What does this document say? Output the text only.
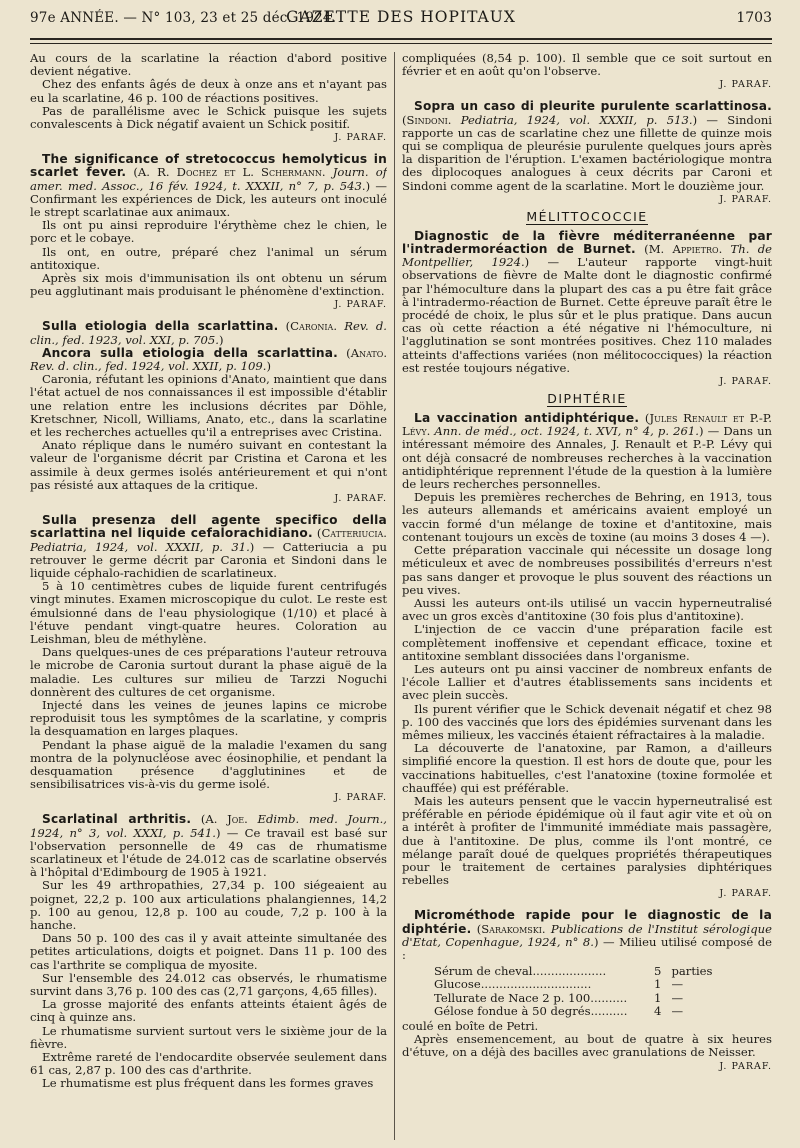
97e ANNÉE. — N° 103, 23 et 25 déc. 1924.
GAZETTE DES HOPITAUX	1703

Au cours de la scarlatine la réaction d'abord positive devient négative.

Chez des enfants âgés de deux à onze ans et n'ayant pas eu la scarlatine, 46 p. 100 de réactions positives.

Pas de parallélisme avec le Schick puisque les sujets convalescents à Dick négatif avaient un Schick positif.

J. PARAF.

The significance of stretococcus hemolyticus in scarlet fever. (A. R. Dochez et L. Schermann. Journ. of amer. med. Assoc., 16 fév. 1924, t. XXXII, n° 7, p. 543.) — Confirmant les expériences de Dick, les auteurs ont inoculé le strept scarlatinae aux animaux.

Ils ont pu ainsi reproduire l'érythème chez le chien, le porc et le cobaye.

Ils ont, en outre, préparé chez l'animal un sérum antitoxique.

Après six mois d'immunisation ils ont obtenu un sérum peu agglutinant mais produisant le phénomène d'extinction.

J. PARAF.

Sulla etiologia della scarlattina. (Caronia. Rev. d. clin., fed. 1923, vol. XXI, p. 705.)

Ancora sulla etiologia della scarlattina. (Anato. Rev. d. clin., fed. 1924, vol. XXII, p. 109.)

Caronia, réfutant les opinions d'Anato, maintient que dans l'état actuel de nos connaissances il est impossible d'établir une relation entre les inclusions décrites par Döhle, Kretschner, Nicoll, Williams, Anato, etc., dans la scarlatine et les recherches actuelles qu'il a entreprises avec Cristina.

Anato réplique dans le numéro suivant en contestant la valeur de l'organisme décrit par Cristina et Carona et les assimile à deux germes isolés antérieurement et qui n'ont pas résisté aux attaques de la critique.

J. PARAF.

Sulla presenza dell agente specifico della scarlattina nel liquide cefalorachidiano. (Catteriucia. Pediatria, 1924, vol. XXXII, p. 31.) — Catteriucia a pu retrouver le germe décrit par Caronia et Sindoni dans le liquide céphalo-rachidien de scarlatineux.

5 à 10 centimètres cubes de liquide furent centrifugés vingt minutes. Examen microscopique du culot. Le reste est émulsionné dans de l'eau physiologique (1/10) et placé à l'étuve pendant vingt-quatre heures. Coloration au Leishman, bleu de méthylène.

Dans quelques-unes de ces préparations l'auteur retrouva le microbe de Caronia surtout durant la phase aiguë de la maladie. Les cultures sur milieu de Tarzzi Noguchi donnèrent des cultures de cet organisme.

Injecté dans les veines de jeunes lapins ce microbe reproduisit tous les symptômes de la scarlatine, y compris la desquamation en larges plaques.

Pendant la phase aiguë de la maladie l'examen du sang montra de la polynucléose avec éosinophilie, et pendant la desquamation présence d'agglutinines et de sensibilisatrices vis-à-vis du germe isolé.

J. PARAF.

Scarlatinal arthritis. (A. Joe. Edimb. med. Journ., 1924, n° 3, vol. XXXI, p. 541.) — Ce travail est basé sur l'observation personnelle de 49 cas de rhumatisme scarlatineux et l'étude de 24.012 cas de scarlatine observés à l'hôpital d'Edimbourg de 1905 à 1921.

Sur les 49 arthropathies, 27,34 p. 100 siégeaient au poignet, 22,2 p. 100 aux articulations phalangiennes, 14,2 p. 100 au genou, 12,8 p. 100 au coude, 7,2 p. 100 à la hanche.

Dans 50 p. 100 des cas il y avait atteinte simultanée des petites articulations, doigts et poignet. Dans 11 p. 100 des cas l'arthrite se compliqua de myosite.

Sur l'ensemble des 24.012 cas observés, le rhumatisme survint dans 3,76 p. 100 des cas (2,71 garçons, 4,65 filles).

La grosse majorité des enfants atteints étaient âgés de cinq à quinze ans.

Le rhumatisme survient surtout vers le sixième jour de la fièvre.

Extrême rareté de l'endocardite observée seulement dans 61 cas, 2,87 p. 100 des cas d'arthrite.

Le rhumatisme est plus fréquent dans les formes graves

compliquées (8,54 p. 100). Il semble que ce soit surtout en février et en août qu'on l'observe.

J. PARAF.

Sopra un caso di pleurite purulente scarlattinosa. (Sindoni. Pediatria, 1924, vol. XXXII, p. 513.) — Sindoni rapporte un cas de scarlatine chez une fillette de quinze mois qui se compliqua de pleurésie purulente quelques jours après la disparition de l'éruption. L'examen bactériologique montra des diplocoques analogues à ceux décrits par Caroni et Sindoni comme agent de la scarlatine. Mort le douzième jour.

J. PARAF.
MÉLITTOCOCCIE

Diagnostic de la fièvre méditerranéenne par l'intradermoréaction de Burnet. (M. Appietro. Th. de Montpellier, 1924.) — L'auteur rapporte vingt-huit observations de fièvre de Malte dont le diagnostic confirmé par l'hémoculture dans la plupart des cas a pu être fait grâce à l'intradermo-réaction de Burnet. Cette épreuve paraît être le procédé de choix, le plus sûr et le plus pratique. Dans aucun cas où cette réaction a été négative ni l'hémoculture, ni l'agglutination se sont montrées positives. Chez 110 malades atteints d'affections variées (non mélitococciques) la réaction est restée toujours négative.

J. PARAF.
DIPHTÉRIE

La vaccination antidiphtérique. (Jules Renault et P.-P. Lévy. Ann. de méd., oct. 1924, t. XVI, n° 4, p. 261.) — Dans un intéressant mémoire des Annales, J. Renault et P.-P. Lévy qui ont déjà consacré de nombreuses recherches à la vaccination antidiphtérique reprennent l'étude de la question à la lumière de leurs recherches personnelles.

Depuis les premières recherches de Behring, en 1913, tous les auteurs allemands et américains avaient employé un vaccin formé d'un mélange de toxine et d'antitoxine, mais contenant toujours un excès de toxine (au moins 3 doses 4 —).

Cette préparation vaccinale qui nécessite un dosage long méticuleux et avec de nombreuses possibilités d'erreurs n'est pas sans danger et provoque le plus souvent des réactions un peu vives.

Aussi les auteurs ont-ils utilisé un vaccin hyperneutralisé avec un gros excès d'antitoxine (30 fois plus d'antitoxine).

L'injection de ce vaccin d'une préparation facile est complètement inoffensive et cependant efficace, toxine et antitoxine semblant dissociées dans l'organisme.

Les auteurs ont pu ainsi vacciner de nombreux enfants de l'école Lallier et d'autres établissements sans incidents et avec plein succès.

Ils purent vérifier que le Schick devenait négatif et chez 98 p. 100 des vaccinés que lors des épidémies survenant dans les mêmes milieux, les vaccinés étaient réfractaires à la maladie.

La découverte de l'anatoxine, par Ramon, a d'ailleurs simplifié encore la question. Il est hors de doute que, pour les vaccinations habituelles, c'est l'anatoxine (toxine formolée et chauffée) qui est préférable.

Mais les auteurs pensent que le vaccin hyperneutralisé est préférable en période épidémique où il faut agir vite et où on a intérêt à profiter de l'immunité immédiate mais passagère, due à l'antitoxine. De plus, comme ils l'ont montré, ce mélange paraît doué de quelques propriétés thérapeutiques pour le traitement de certaines paralysies diphtériques rebelles

J. PARAF.

Microméthode rapide pour le diagnostic de la diphtérie. (Sarakomski. Publications de l'Institut sérologique d'Etat, Copenhague, 1924, n° 8.) — Milieu utilisé composé de :

Sérum de cheval....................	5	parties
Glucose..............................	1	—
Tellurate de Nace 2 p. 100..........	1	—
Gélose fondue à 50 degrés..........	4	—

coulé en boîte de Petri.

Après ensemencement, au bout de quatre à six heures d'étuve, on a déjà des bacilles avec granulations de Neisser.

J. PARAF.
